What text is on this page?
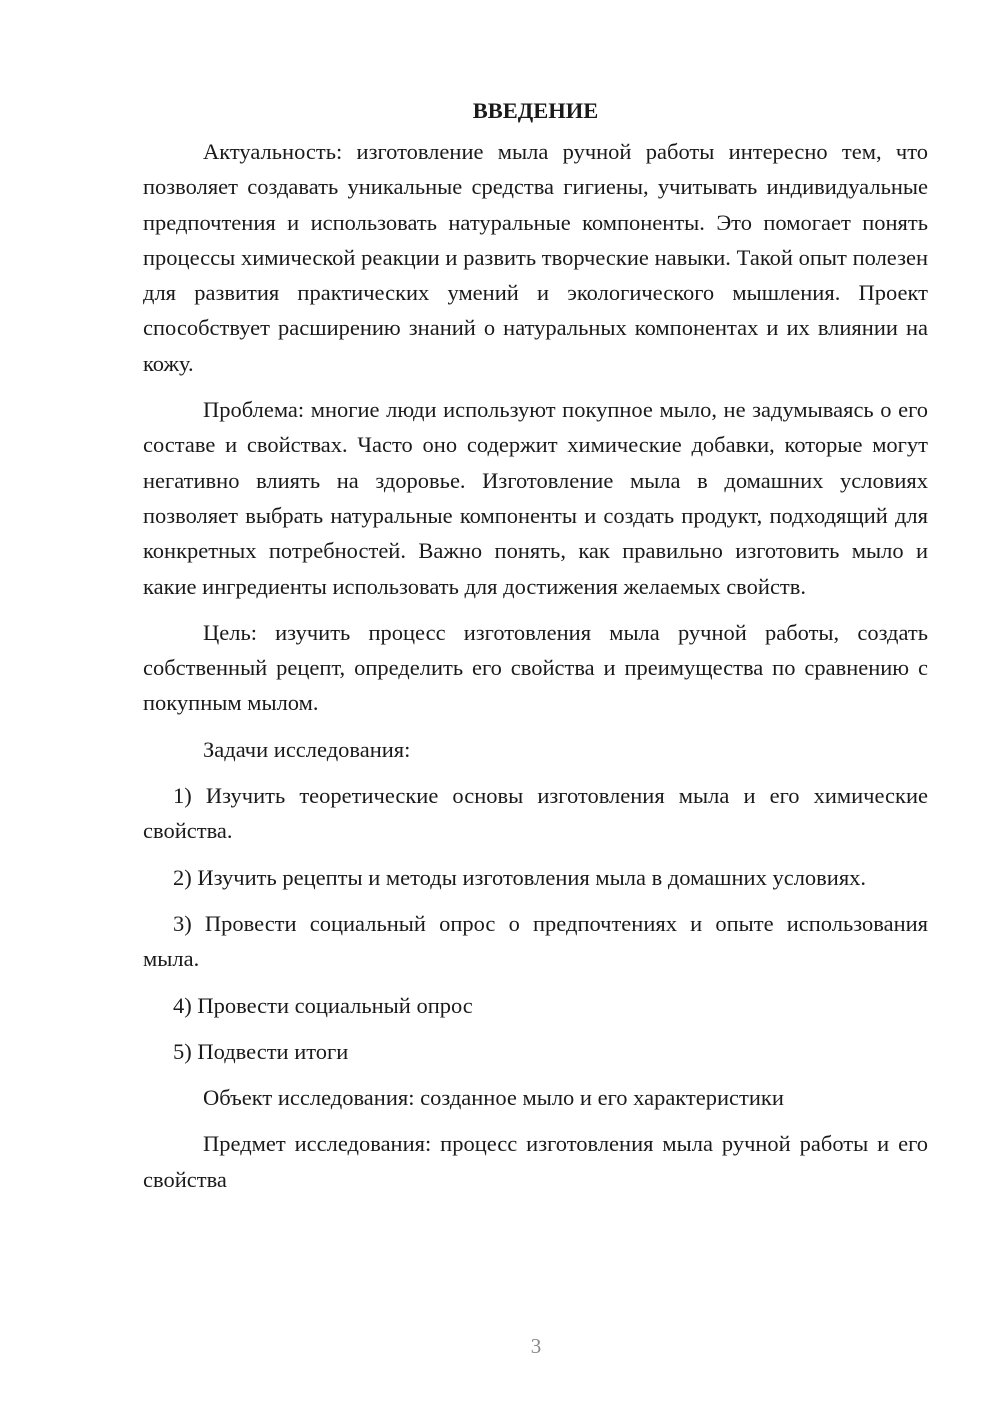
ВВЕДЕНИЕ

Актуальность: изготовление мыла ручной работы интересно тем, что позволяет создавать уникальные средства гигиены, учитывать индивидуальные предпочтения и использовать натуральные компоненты. Это помогает понять процессы химической реакции и развить творческие навыки. Такой опыт полезен для развития практических умений и экологического мышления. Проект способствует расширению знаний о натуральных компонентах и их влиянии на кожу.

Проблема: многие люди используют покупное мыло, не задумываясь о его составе и свойствах. Часто оно содержит химические добавки, которые могут негативно влиять на здоровье. Изготовление мыла в домашних условиях позволяет выбрать натуральные компоненты и создать продукт, подходящий для конкретных потребностей. Важно понять, как правильно изготовить мыло и какие ингредиенты использовать для достижения желаемых свойств.

Цель: изучить процесс изготовления мыла ручной работы, создать собственный рецепт, определить его свойства и преимущества по сравнению с покупным мылом.

Задачи исследования:

1) Изучить теоретические основы изготовления мыла и его химические свойства.

2) Изучить рецепты и методы изготовления мыла в домашних условиях.

3) Провести социальный опрос о предпочтениях и опыте использования мыла.

4) Провести социальный опрос

5) Подвести итоги

Объект исследования: созданное мыло и его характеристики

Предмет исследования: процесс изготовления мыла ручной работы и его свойства

3
